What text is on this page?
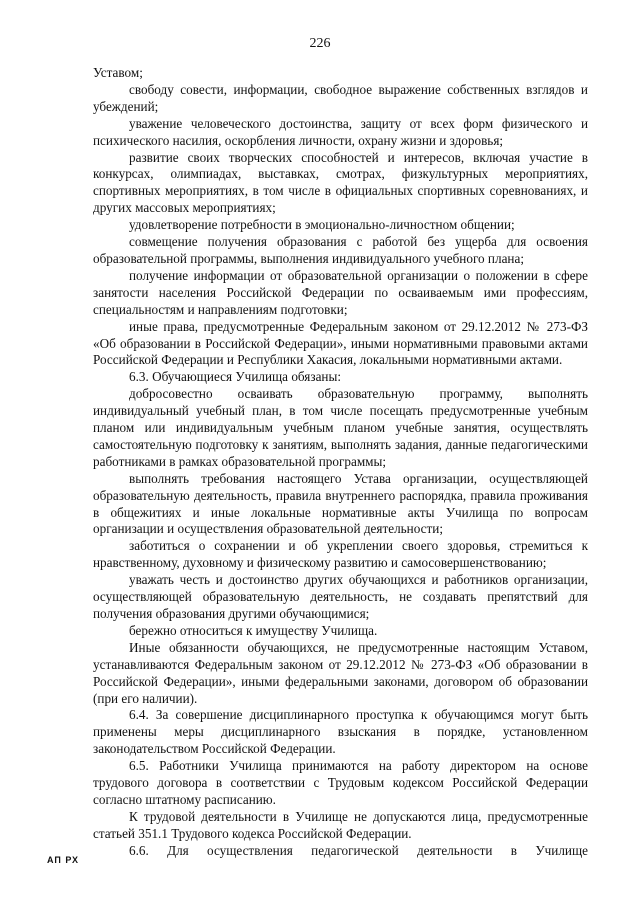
226

Уставом;

свободу совести, информации, свободное выражение собственных взглядов и убеждений;

уважение человеческого достоинства, защиту от всех форм физического и психического насилия, оскорбления личности, охрану жизни и здоровья;

развитие своих творческих способностей и интересов, включая участие в конкурсах, олимпиадах, выставках, смотрах, физкультурных мероприятиях, спортивных мероприятиях, в том числе в официальных спортивных соревнованиях, и других массовых мероприятиях;

удовлетворение потребности в эмоционально-личностном общении;

совмещение получения образования с работой без ущерба для освоения образовательной программы, выполнения индивидуального учебного плана;

получение информации от образовательной организации о положении в сфере занятости населения Российской Федерации по осваиваемым ими профессиям, специальностям и направлениям подготовки;

иные права, предусмотренные Федеральным законом от 29.12.2012 № 273-ФЗ «Об образовании в Российской Федерации», иными нормативными правовыми актами Российской Федерации и Республики Хакасия, локальными нормативными актами.

6.3. Обучающиеся Училища обязаны:

добросовестно осваивать образовательную программу, выполнять индивидуальный учебный план, в том числе посещать предусмотренные учебным планом или индивидуальным учебным планом учебные занятия, осуществлять самостоятельную подготовку к занятиям, выполнять задания, данные педагогическими работниками в рамках образовательной программы;

выполнять требования настоящего Устава организации, осуществляющей образовательную деятельность, правила внутреннего распорядка, правила проживания в общежитиях и иные локальные нормативные акты Училища по вопросам организации и осуществления образовательной деятельности;

заботиться о сохранении и об укреплении своего здоровья, стремиться к нравственному, духовному и физическому развитию и самосовершенствованию;

уважать честь и достоинство других обучающихся и работников организации, осуществляющей образовательную деятельность, не создавать препятствий для получения образования другими обучающимися;

бережно относиться к имуществу Училища.

Иные обязанности обучающихся, не предусмотренные настоящим Уставом, устанавливаются Федеральным законом от 29.12.2012 № 273-ФЗ «Об образовании в Российской Федерации», иными федеральными законами, договором об образовании (при его наличии).

6.4. За совершение дисциплинарного проступка к обучающимся могут быть применены меры дисциплинарного взыскания в порядке, установленном законодательством Российской Федерации.

6.5. Работники Училища принимаются на работу директором на основе трудового договора в соответствии с Трудовым кодексом Российской Федерации согласно штатному расписанию.

К трудовой деятельности в Училище не допускаются лица, предусмотренные статьей 351.1 Трудового кодекса Российской Федерации.

6.6. Для осуществления педагогической деятельности в Училище

АП РХ
